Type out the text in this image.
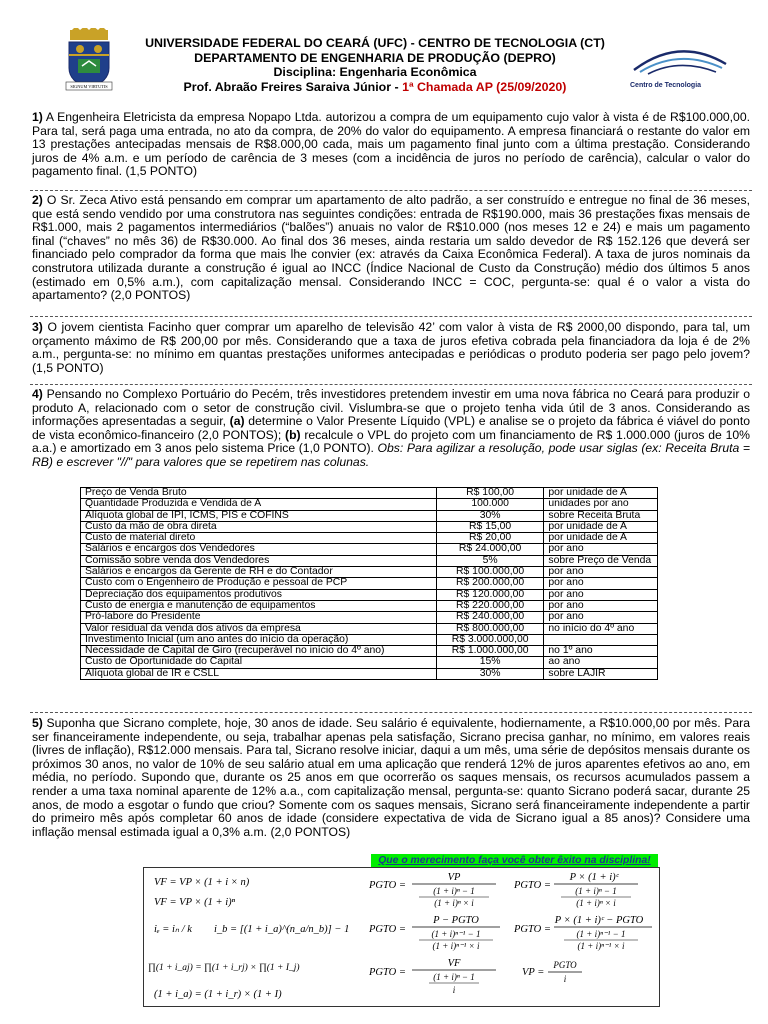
SIGNUM VIRTUTIS
UNIVERSIDADE FEDERAL DO CEARÁ (UFC) - CENTRO DE TECNOLOGIA (CT)
DEPARTAMENTO DE ENGENHARIA DE PRODUÇÃO (DEPRO)
Disciplina: Engenharia Econômica
Prof. Abraão Freires Saraiva Júnior - 1ª Chamada AP (25/09/2020)	Centro de Tecnologia
1) A Engenheira Eletricista da empresa Nopapo Ltda. autorizou a compra de um equipamento cujo valor à vista é de R$100.000,00. Para tal, será paga uma entrada, no ato da compra, de 20% do valor do equipamento. A empresa financiará o restante do valor em 13 prestações antecipadas mensais de R$8.000,00 cada, mais um pagamento final junto com a última prestação. Considerando juros de 4% a.m. e um período de carência de 3 meses (com a incidência de juros no período de carência), calcular o valor do pagamento final. (1,5 PONTO)
2) O Sr. Zeca Ativo está pensando em comprar um apartamento de alto padrão, a ser construído e entregue no final de 36 meses, que está sendo vendido por uma construtora nas seguintes condições: entrada de R$190.000, mais 36 prestações fixas mensais de R$1.000, mais 2 pagamentos intermediários (“balões”) anuais no valor de R$10.000 (nos meses 12 e 24) e mais um pagamento final (“chaves” no mês 36) de R$30.000. Ao final dos 36 meses, ainda restaria um saldo devedor de R$ 152.126 que deverá ser financiado pelo comprador da forma que mais lhe convier (ex: através da Caixa Econômica Federal). A taxa de juros nominais da construtora utilizada durante a construção é igual ao INCC (Índice Nacional de Custo da Construção) médio dos últimos 5 anos (estimado em 0,5% a.m.), com capitalização mensal. Considerando INCC = COC, pergunta-se: qual é o valor a vista do apartamento? (2,0 PONTOS)
3) O jovem cientista Facinho quer comprar um aparelho de televisão 42’ com valor à vista de R$ 2000,00 dispondo, para tal, um orçamento máximo de R$ 200,00 por mês. Considerando que a taxa de juros efetiva cobrada pela financiadora da loja é de 2% a.m., pergunta-se: no mínimo em quantas prestações uniformes antecipadas e periódicas o produto poderia ser pago pelo jovem? (1,5 PONTO)
4) Pensando no Complexo Portuário do Pecém, três investidores pretendem investir em uma nova fábrica no Ceará para produzir o produto A, relacionado com o setor de construção civil. Vislumbra-se que o projeto tenha vida útil de 3 anos. Considerando as informações apresentadas a seguir, (a) determine o Valor Presente Líquido (VPL) e analise se o projeto da fábrica é viável do ponto de vista econômico-financeiro (2,0 PONTOS); (b) recalcule o VPL do projeto com um financiamento de R$ 1.000.000 (juros de 10% a.a.) e amortizado em 3 anos pelo sistema Price (1,0 PONTO). Obs: Para agilizar a resolução, pode usar siglas (ex: Receita Bruta = RB) e escrever "//" para valores que se repetirem nas colunas.
Preço de Venda Bruto	R$ 100,00	por unidade de A
Quantidade Produzida e Vendida de A	100.000	unidades por ano
Alíquota global de IPI, ICMS, PIS e COFINS	30%	sobre Receita Bruta
Custo da mão de obra direta	R$ 15,00	por unidade de A
Custo de material direto	R$ 20,00	por unidade de A
Salários e encargos dos Vendedores	R$ 24.000,00	por ano
Comissão sobre venda dos Vendedores	5%	sobre Preço de Venda
Salários e encargos da Gerente de RH e do Contador	R$ 100.000,00	por ano
Custo com o Engenheiro de Produção e pessoal de PCP	R$ 200.000,00	por ano
Depreciação dos equipamentos produtivos	R$ 120.000,00	por ano
Custo de energia e manutenção de equipamentos	R$ 220.000,00	por ano
Pró-labore do Presidente	R$ 240.000,00	por ano
Valor residual da venda dos ativos da empresa	R$ 800.000,00	no início do 4º ano
Investimento Inicial (um ano antes do início da operação)	R$ 3.000.000,00	
Necessidade de Capital de Giro (recuperável no início do 4º ano)	R$ 1.000.000,00	no 1º ano
Custo de Oportunidade do Capital	15%	ao ano
Alíquota global de IR e CSLL	30%	sobre LAJIR
5) Suponha que Sicrano complete, hoje, 30 anos de idade. Seu salário é equivalente, hodiernamente, a R$10.000,00 por mês. Para ser financeiramente independente, ou seja, trabalhar apenas pela satisfação, Sicrano precisa ganhar, no mínimo, em valores reais (livres de inflação), R$12.000 mensais. Para tal, Sicrano resolve iniciar, daqui a um mês, uma série de depósitos mensais durante os próximos 30 anos, no valor de 10% de seu salário atual em uma aplicação que renderá 12% de juros aparentes efetivos ao ano, em média, no período. Supondo que, durante os 25 anos em que ocorrerão os saques mensais, os recursos acumulados passem a render a uma taxa nominal aparente de 12% a.a., com capitalização mensal, pergunta-se: quanto Sicrano poderá sacar, durante 25 anos, de modo a esgotar o fundo que criou? Somente com os saques mensais, Sicrano será financeiramente independente a partir do primeiro mês após completar 60 anos de idade (considere expectativa de vida de Sicrano igual a 85 anos)? Considere uma inflação mensal estimada igual a 0,3% a.m. (2,0 PONTOS)
Que o merecimento faça você obter êxito na disciplina!
VF = VP × (1 + i × n)
VF = VP × (1 + i)ⁿ
iₑ = iₙ / k i_b = [(1 + i_a)^(n_a/n_b)] − 1
∏(1 + i_aj) = ∏(1 + i_rj) × ∏(1 + I_j)
(1 + i_a) = (1 + i_r) × (1 + I)
PGTO =
VP
(1 + i)ⁿ − 1
(1 + i)ⁿ × i
PGTO =
P × (1 + i)ᶜ
(1 + i)ⁿ − 1
(1 + i)ⁿ × i
PGTO =
P − PGTO
(1 + i)ⁿ⁻¹ − 1
(1 + i)ⁿ⁻¹ × i
PGTO =
P × (1 + i)ᶜ − PGTO
(1 + i)ⁿ⁻¹ − 1
(1 + i)ⁿ⁻¹ × i
PGTO =
VF
(1 + i)ⁿ − 1
i
VP =
PGTO
i
